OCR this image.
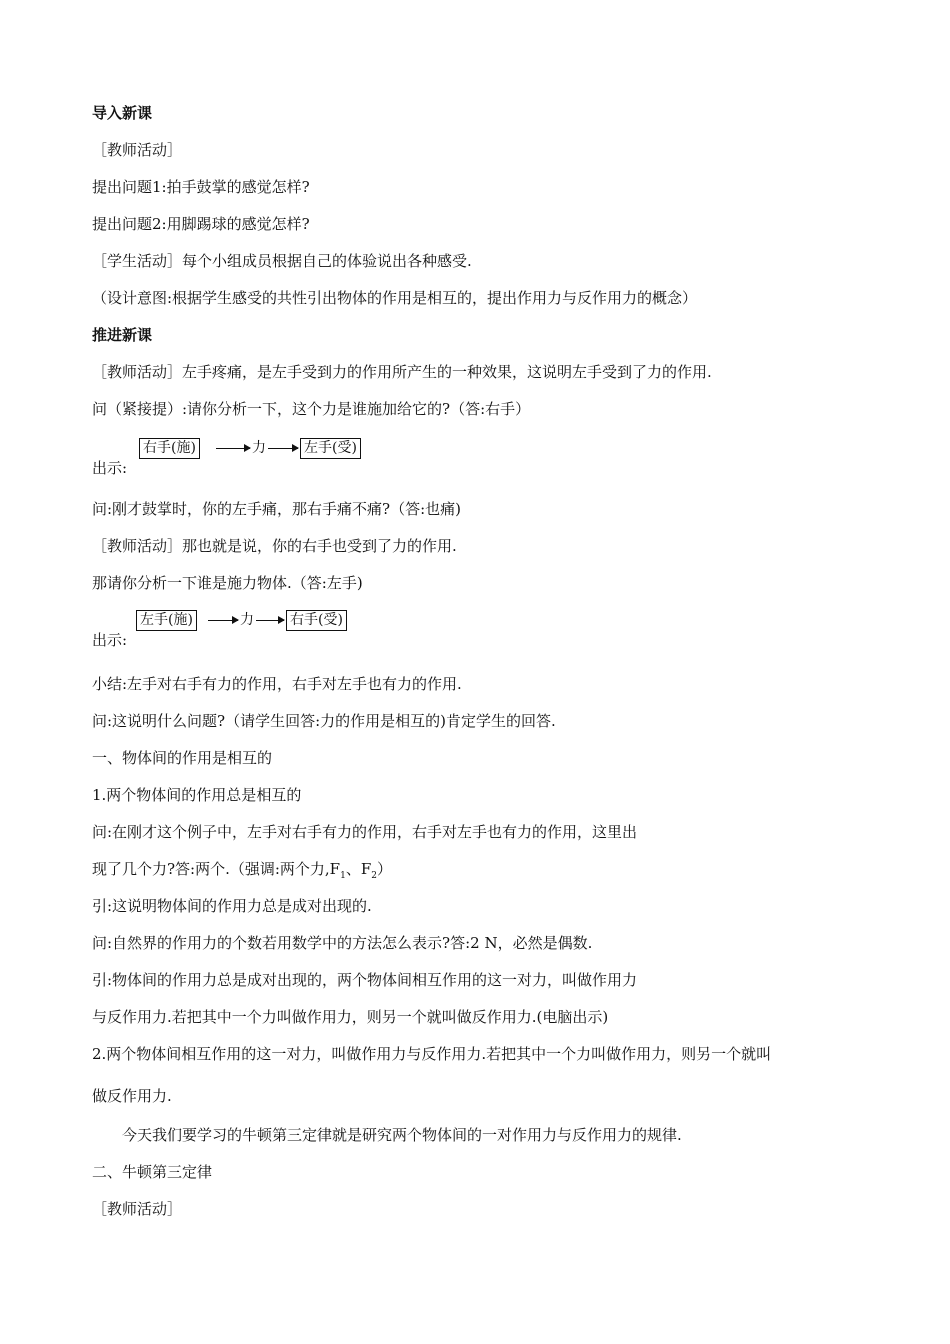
导入新课
［教师活动］
提出问题1:拍手鼓掌的感觉怎样?
提出问题2:用脚踢球的感觉怎样?
［学生活动］每个小组成员根据自己的体验说出各种感受.
（设计意图:根据学生感受的共性引出物体的作用是相互的，提出作用力与反作用力的概念）
推进新课
［教师活动］左手疼痛，是左手受到力的作用所产生的一种效果，这说明左手受到了力的作用.
问（紧接提）:请你分析一下，这个力是谁施加给它的?（答:右手）
出示:
右手(施)	力	左手(受)
问:刚才鼓掌时，你的左手痛，那右手痛不痛?（答:也痛)
［教师活动］那也就是说，你的右手也受到了力的作用.
那请你分析一下谁是施力物体.（答:左手)
出示:
左手(施)	力	右手(受)
小结:左手对右手有力的作用，右手对左手也有力的作用.
问:这说明什么问题?（请学生回答:力的作用是相互的)肯定学生的回答.
一、物体间的作用是相互的
1.两个物体间的作用总是相互的
问:在刚才这个例子中，左手对右手有力的作用，右手对左手也有力的作用，这里出
现了几个力?答:两个.（强调:两个力$,F_1$、$F_2$）
引:这说明物体间的作用力总是成对出现的.
问:自然界的作用力的个数若用数学中的方法怎么表示?答:2 N，必然是偶数.
引:物体间的作用力总是成对出现的，两个物体间相互作用的这一对力，叫做作用力
与反作用力.若把其中一个力叫做作用力，则另一个就叫做反作用力.(电脑出示)
2.两个物体间相互作用的这一对力，叫做作用力与反作用力.若把其中一个力叫做作用力，则另一个就叫
做反作用力.
今天我们要学习的牛顿第三定律就是研究两个物体间的一对作用力与反作用力的规律.
二、牛顿第三定律
［教师活动］
